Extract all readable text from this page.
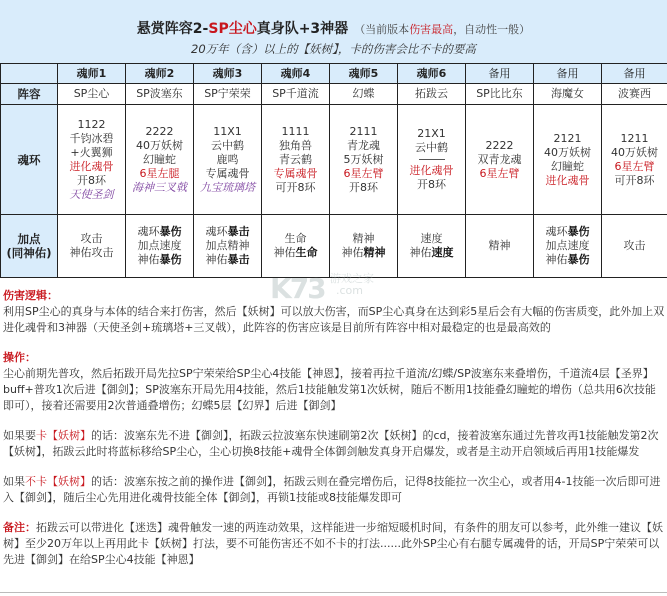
悬赏阵容2-SP尘心真身队+3神器 （当前版本伤害最高，自动性一般）
20万年（含）以上的【妖树】，卡的伤害会比不卡的要高
	魂师1	魂师2	魂师3	魂师4	魂师5	魂师6	备用	备用	备用
阵容	SP尘心	SP波塞东	SP宁荣荣	SP千道流	幻蝶	拓跋云	SP比比东	海魔女	波赛西
魂环	
1122
千钧冰碧
+火翼狮
进化魂骨
开8环
天使圣剑

2222
40万妖树
幻瞳蛇
6星左腿
海神三叉戟

11X1
云中鹤
鹿鸣
专属魂骨
九宝琉璃塔

1111
独角兽
青云鹤
专属魂骨
可开8环

2111
青龙魂
5万妖树
6星左臂
开8环

21X1
云中鹤
进化魂骨
开8环

2222
双青龙魂
6星左臂

2121
40万妖树
幻瞳蛇
进化魂骨

1211
40万妖树
6星左臂
可开8环

加点
(同神佑)

攻击
神佑攻击

魂环暴伤
加点速度
神佑暴伤

魂环暴击
加点精神
神佑暴击

生命
神佑生命

精神
神佑精神

速度
神佑速度

精神

魂环暴伤
加点速度
神佑暴伤

攻击
K73 游戏之家
.com

伤害逻辑：

利用SP尘心的真身与本体的结合来打伤害，然后【妖树】可以放大伤害，而SP尘心真身在达到彩5星后会有大幅的伤害质变，此外加上双进化魂骨和3神器（天使圣剑+琉璃塔+三叉戟），此阵容的伤害应该是目前所有阵容中相对最稳定的也是最高效的

操作：

尘心前期先普攻，然后拓跋开局先拉SP宁荣荣给SP尘心4技能【神恩】，接着再拉千道流/幻蝶/SP波塞东来叠增伤，千道流4层【圣界】buff+普攻1次后进【御剑】；SP波塞东开局先用4技能，然后1技能触发第1次妖树，随后不断用1技能叠幻瞳蛇的增伤（总共用6次技能即可），接着还需要用2次普通叠增伤；幻蝶5层【幻界】后进【御剑】

如果要卡【妖树】的话：波塞东先不进【御剑】，拓跋云拉波塞东快速刷第2次【妖树】的cd，接着波塞东通过先普攻再1技能触发第2次【妖树】，拓跋云此时将蓝标移给SP尘心，尘心切换8技能+魂骨全体御剑触发真身开启爆发，或者是主动开启领域后再用1技能爆发

如果不卡【妖树】的话：波塞东按之前的操作进【御剑】，拓跋云则在叠完增伤后，记得8技能拉一次尘心，或者用4-1技能一次后即可进入【御剑】，随后尘心先用进化魂骨技能全体【御剑】，再锁1技能或8技能爆发即可

备注：拓跋云可以带进化【迷迭】魂骨触发一速的两连动效果，这样能进一步缩短暖机时间，有条件的朋友可以参考，此外维一建议【妖树】至少20万年以上再用此卡【妖树】打法，要不可能伤害还不如不卡的打法......此外SP尘心有右腿专属魂骨的话，开局SP宁荣荣可以先进【御剑】在给SP尘心4技能【神恩】
